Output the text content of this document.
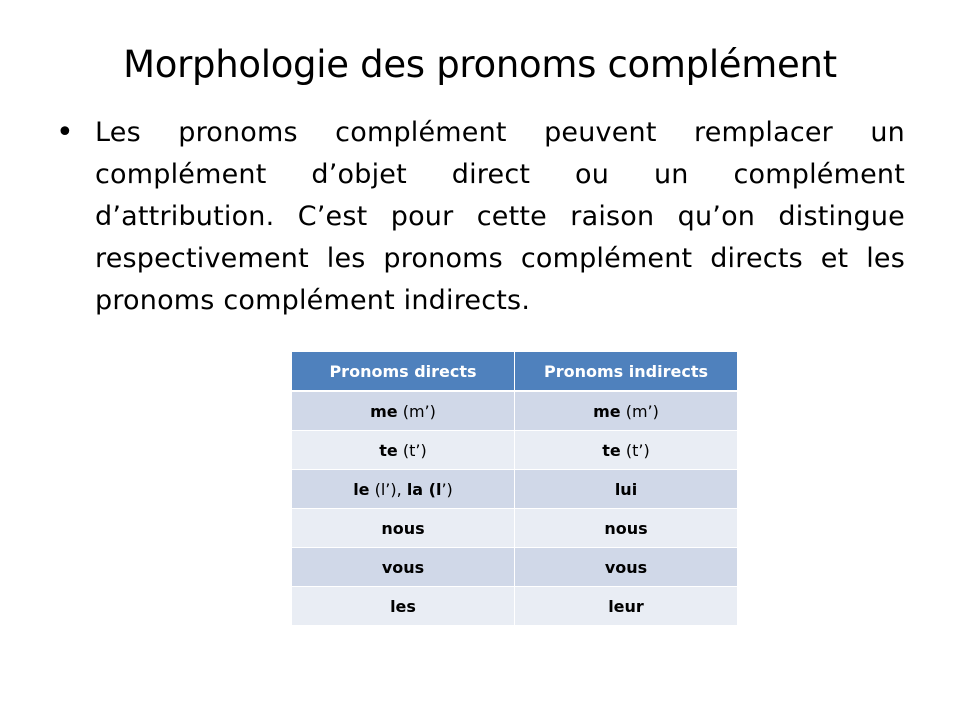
Morphologie des pronoms complément
• Les pronoms complément peuvent remplacer un complément d’objet direct ou un complément d’attribution. C’est pour cette raison qu’on distingue respectivement les pronoms complément directs et les pronoms complément indirects.
Pronoms directs	Pronoms indirects
me (m’)	me (m’)
te (t’)	te (t’)
le (l’), la (l’)	lui
nous	nous
vous	vous
les	leur
